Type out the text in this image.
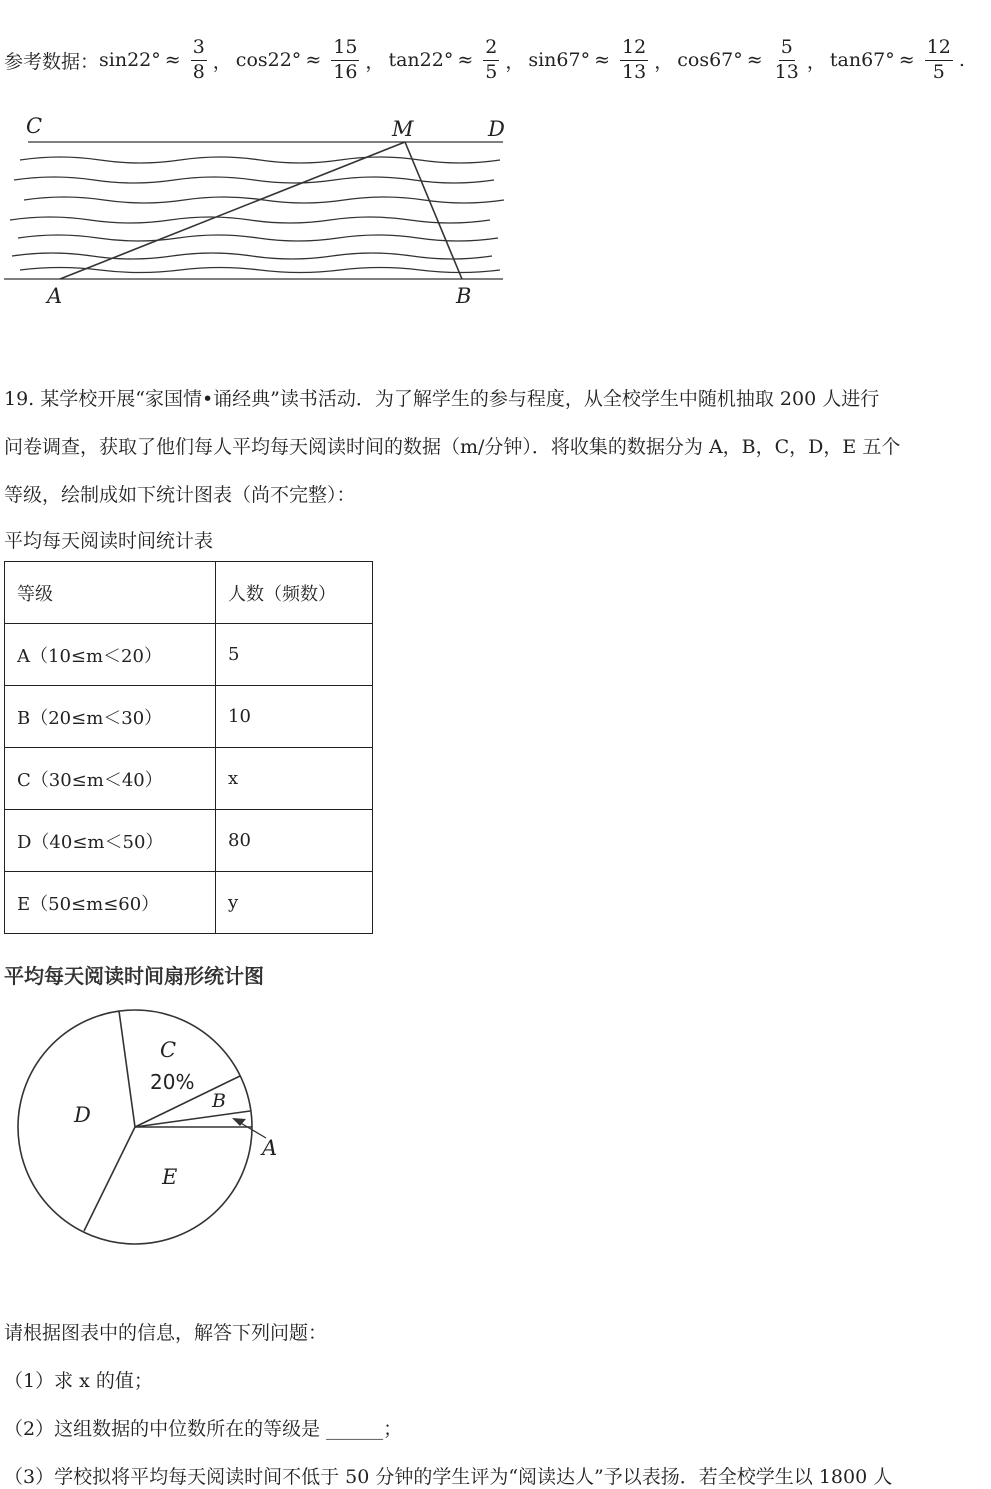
参考数据： $\sin 22^\circ \approx \frac{3}{8}$ ， $\cos 22^\circ \approx \frac{15}{16}$ ， $\tan 22^\circ \approx \frac{2}{5}$ ， $\sin 67^\circ \approx \frac{12}{13}$ ， $\cos 67^\circ \approx \frac{5}{13}$ ， $\tan 67^\circ \approx \frac{12}{5}$ .
C	M	D
A	B
19. 某学校开展“家国情•诵经典”读书活动．为了解学生的参与程度，从全校学生中随机抽取 200 人进行
问卷调查，获取了他们每人平均每天阅读时间的数据（m/分钟）．将收集的数据分为 A，B，C，D，E 五个
等级，绘制成如下统计图表（尚不完整）：
平均每天阅读时间统计表
等级	人数（频数）
A（10≤m＜20）	5
B（20≤m＜30）	10
C（30≤m＜40）	x
D（40≤m＜50）	80
E（50≤m≤60）	y
平均每天阅读时间扇形统计图
C
20%
B
A
D
E
请根据图表中的信息，解答下列问题：
（1）求 x 的值；
（2）这组数据的中位数所在的等级是 ______；
（3）学校拟将平均每天阅读时间不低于 50 分钟的学生评为“阅读达人”予以表扬．若全校学生以 1800 人
